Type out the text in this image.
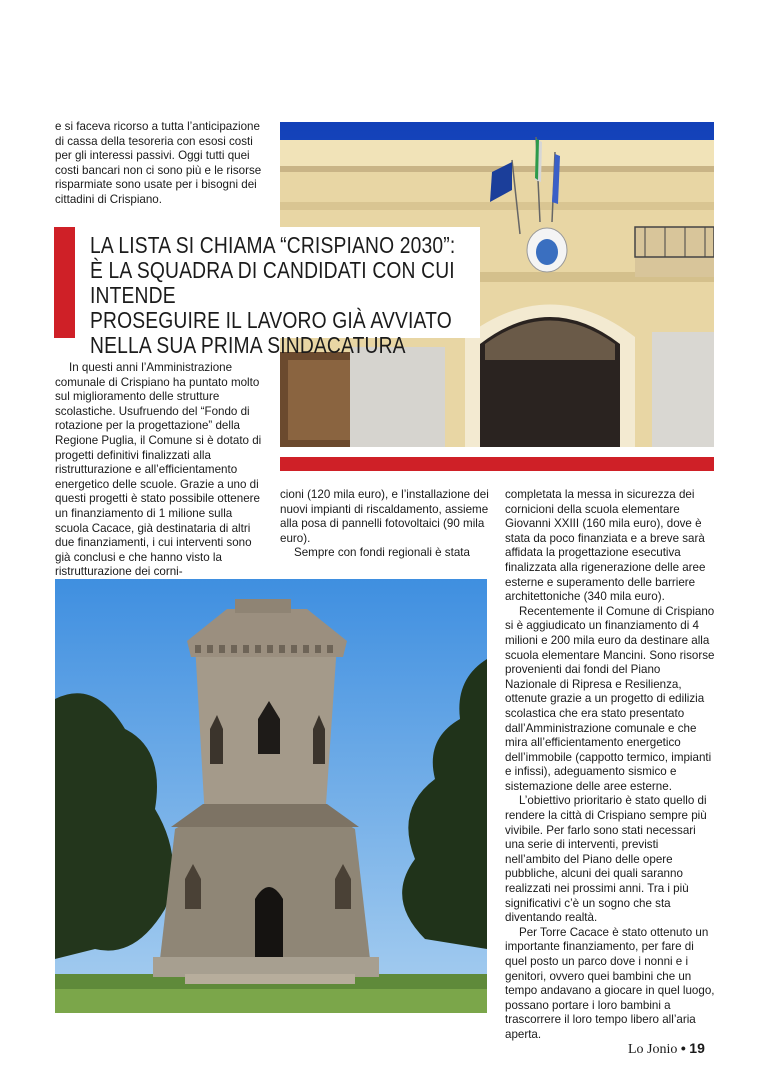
e si faceva ricorso a tutta l’anticipazione di cassa della tesoreria con esosi costi per gli interessi passivi. Oggi tutti quei costi bancari non ci sono più e le risorse risparmiate sono usate per i bisogni dei cittadini di Crispiano.
LA LISTA SI CHIAMA “CRISPIANO 2030”:
È LA SQUADRA DI CANDIDATI CON CUI INTENDE
PROSEGUIRE IL LAVORO GIÀ AVVIATO
NELLA SUA PRIMA SINDACATURA
In questi anni l’Amministrazione comunale di Crispiano ha puntato molto sul miglioramento delle strutture scolastiche. Usufruendo del “Fondo di rotazione per la progettazione” della Regione Puglia, il Comune si è dotato di progetti definitivi finalizzati alla ristrutturazione e all’efficientamento energetico delle scuole. Grazie a uno di questi progetti è stato possibile ottenere un finanziamento di 1 milione sulla scuola Cacace, già destinataria di altri due finanziamenti, i cui interventi sono già conclusi e che hanno visto la ristrutturazione dei corni-

cioni (120 mila euro), e l’installazione dei nuovi impianti di riscaldamento, assieme alla posa di pannelli fotovoltaici (90 mila euro).

Sempre con fondi regionali è stata

completata la messa in sicurezza dei cornicioni della scuola elementare Giovanni XXIII (160 mila euro), dove è stata da poco finanziata e a breve sarà affidata la progettazione esecutiva finalizzata alla rigenerazione delle aree esterne e superamento delle barriere architettoniche (340 mila euro).

Recentemente il Comune di Crispiano si è aggiudicato un finanziamento di 4 milioni e 200 mila euro da destinare alla scuola elementare Mancini. Sono risorse provenienti dai fondi del Piano Nazionale di Ripresa e Resilienza, ottenute grazie a un progetto di edilizia scolastica che era stato presentato dall’Amministrazione comunale e che mira all’efficientamento energetico dell’immobile (cappotto termico, impianti e infissi), adeguamento sismico e sistemazione delle aree esterne.

L’obiettivo prioritario è stato quello di rendere la città di Crispiano sempre più vivibile. Per farlo sono stati necessari una serie di interventi, previsti nell’ambito del Piano delle opere pubbliche, alcuni dei quali saranno realizzati nei prossimi anni. Tra i più significativi c’è un sogno che sta diventando realtà.

Per Torre Cacace è stato ottenuto un importante finanziamento, per fare di quel posto un parco dove i nonni e i genitori, ovvero quei bambini che un tempo andavano a giocare in quel luogo, possano portare i loro bambini a trascorrere il loro tempo libero all’aria aperta.

Lo Jonio • 19
